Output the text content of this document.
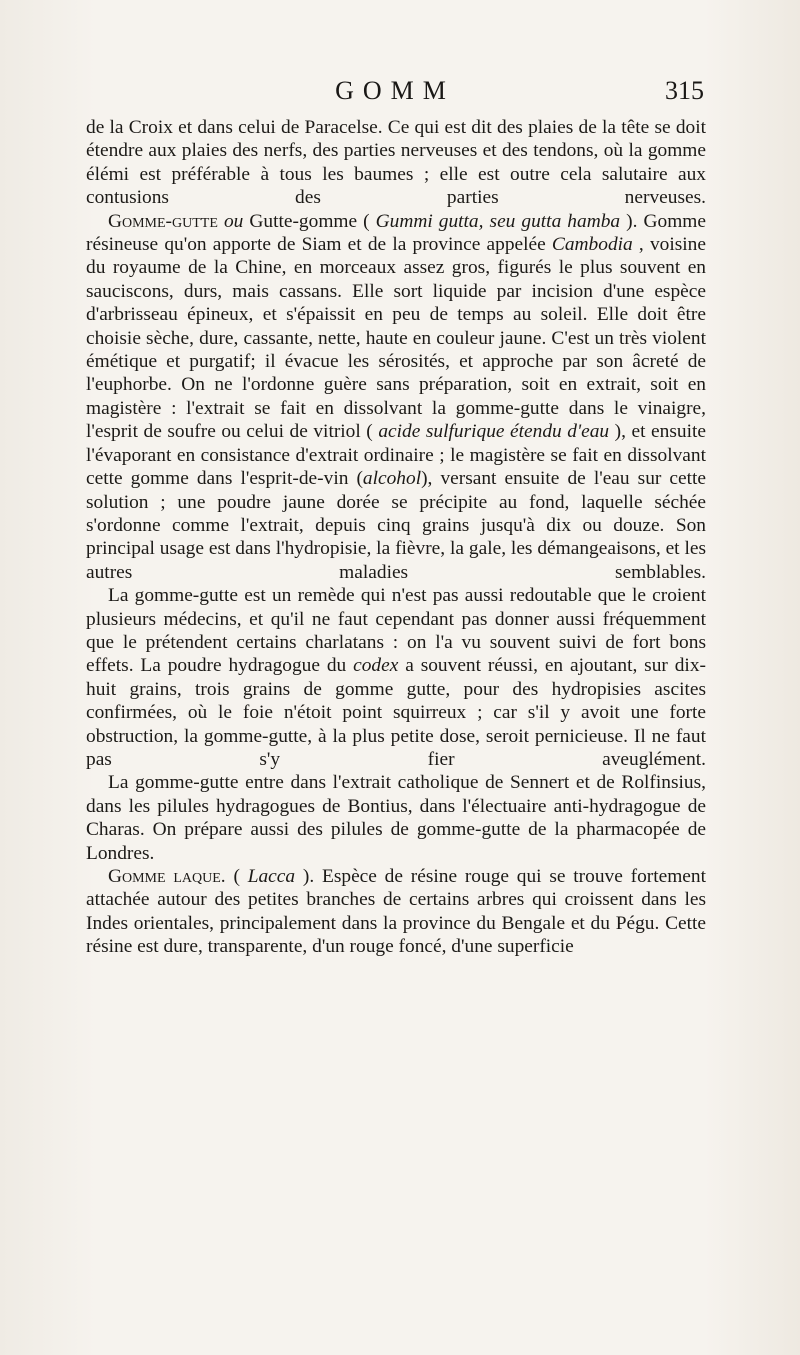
GOMM	315

de la Croix et dans celui de Paracelse. Ce qui est dit des plaies de la tête se doit étendre aux plaies des nerfs, des parties nerveuses et des tendons, où la gomme élémi est préférable à tous les baumes ; elle est outre cela salutaire aux contusions des parties nerveuses.

Gomme-gutte ou Gutte-gomme ( Gummi gutta, seu gutta hamba ). Gomme résineuse qu'on apporte de Siam et de la province appelée Cambodia , voisine du royaume de la Chine, en morceaux assez gros, figurés le plus souvent en sauciscons, durs, mais cassans. Elle sort liquide par incision d'une espèce d'arbrisseau épineux, et s'épaissit en peu de temps au soleil. Elle doit être choisie sèche, dure, cassante, nette, haute en couleur jaune. C'est un très violent émétique et purgatif; il évacue les sérosités, et approche par son âcreté de l'euphorbe. On ne l'ordonne guère sans préparation, soit en extrait, soit en magistère : l'extrait se fait en dissolvant la gomme-gutte dans le vinaigre, l'esprit de soufre ou celui de vitriol ( acide sulfurique étendu d'eau ), et ensuite l'évaporant en consistance d'extrait ordinaire ; le magistère se fait en dissolvant cette gomme dans l'esprit-de-vin (alcohol), versant ensuite de l'eau sur cette solution ; une poudre jaune dorée se précipite au fond, laquelle séchée s'ordonne comme l'extrait, depuis cinq grains jusqu'à dix ou douze. Son principal usage est dans l'hydropisie, la fièvre, la gale, les démangeaisons, et les autres maladies semblables.

La gomme-gutte est un remède qui n'est pas aussi redoutable que le croient plusieurs médecins, et qu'il ne faut cependant pas donner aussi fréquemment que le prétendent certains charlatans : on l'a vu souvent suivi de fort bons effets. La poudre hydragogue du codex a souvent réussi, en ajoutant, sur dix-huit grains, trois grains de gomme gutte, pour des hydropisies ascites confirmées, où le foie n'étoit point squirreux ; car s'il y avoit une forte obstruction, la gomme-gutte, à la plus petite dose, seroit pernicieuse. Il ne faut pas s'y fier aveuglément.

La gomme-gutte entre dans l'extrait catholique de Sennert et de Rolfinsius, dans les pilules hydragogues de Bontius, dans l'électuaire anti-hydragogue de Charas. On prépare aussi des pilules de gomme-gutte de la pharmacopée de Londres.

Gomme laque. ( Lacca ). Espèce de résine rouge qui se trouve fortement attachée autour des petites branches de certains arbres qui croissent dans les Indes orientales, principalement dans la province du Bengale et du Pégu. Cette résine est dure, transparente, d'un rouge foncé, d'une superficie
